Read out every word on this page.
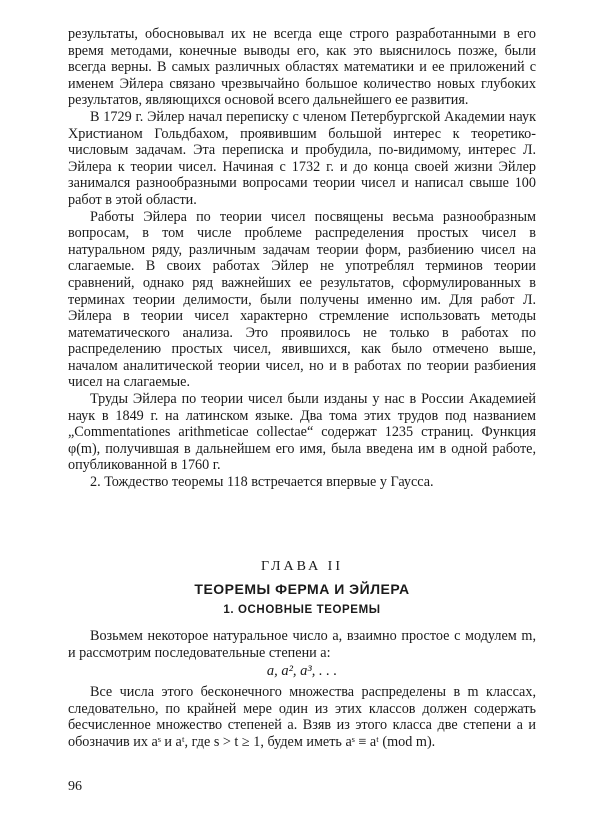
результаты, обосновывал их не всегда еще строго разработанными в его время методами, конечные выводы его, как это выяснилось позже, были всегда верны. В самых различных областях математики и ее приложений с именем Эйлера связано чрезвычайно большое количество новых глубоких результатов, являющихся основой всего дальнейшего ее развития.

В 1729 г. Эйлер начал переписку с членом Петербургской Академии наук Христианом Гольдбахом, проявившим большой интерес к теоретико-числовым задачам. Эта переписка и пробудила, по-видимому, интерес Л. Эйлера к теории чисел. Начиная с 1732 г. и до конца своей жизни Эйлер занимался разнообразными вопросами теории чисел и написал свыше 100 работ в этой области.

Работы Эйлера по теории чисел посвящены весьма разнообразным вопросам, в том числе проблеме распределения простых чисел в натуральном ряду, различным задачам теории форм, разбиению чисел на слагаемые. В своих работах Эйлер не употреблял терминов теории сравнений, однако ряд важнейших ее результатов, сформулированных в терминах теории делимости, были получены именно им. Для работ Л. Эйлера в теории чисел характерно стремление использовать методы математического анализа. Это проявилось не только в работах по распределению простых чисел, явившихся, как было отмечено выше, началом аналитической теории чисел, но и в работах по теории разбиения чисел на слагаемые.

Труды Эйлера по теории чисел были изданы у нас в России Академией наук в 1849 г. на латинском языке. Два тома этих трудов под названием „Commentationes arithmeticae collectae“ содержат 1235 страниц. Функция φ(m), получившая в дальнейшем его имя, была введена им в одной работе, опубликованной в 1760 г.

2. Тождество теоремы 118 встречается впервые у Гаусса.

ГЛАВА II
ТЕОРЕМЫ ФЕРМА И ЭЙЛЕРА
1. ОСНОВНЫЕ ТЕОРЕМЫ

Возьмем некоторое натуральное число a, взаимно простое с модулем m, и рассмотрим последовательные степени a:

a, a², a³, . . .

Все числа этого бесконечного множества распределены в m классах, следовательно, по крайней мере один из этих классов должен содержать бесчисленное множество степеней a. Взяв из этого класса две степени a и обозначив их aˢ и aᵗ, где s > t ≥ 1, будем иметь aˢ ≡ aᵗ (mod m).

96
